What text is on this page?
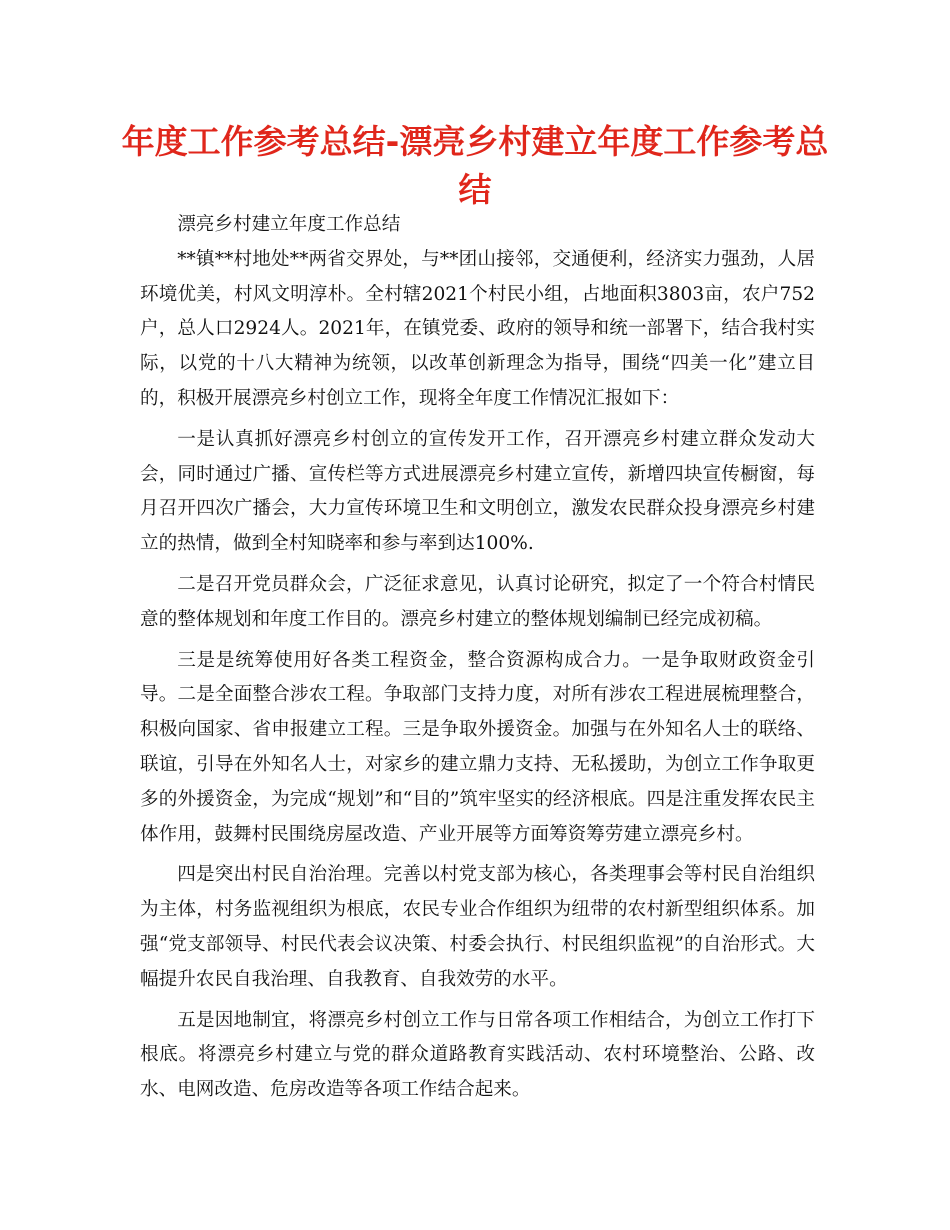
年度工作参考总结-漂亮乡村建立年度工作参考总结

漂亮乡村建立年度工作总结

**镇**村地处**两省交界处，与**团山接邻，交通便利，经济实力强劲，人居环境优美，村风文明淳朴。全村辖2021个村民小组，占地面积3803亩，农户752户，总人口2924人。2021年，在镇党委、政府的领导和统一部署下，结合我村实际，以党的十八大精神为统领，以改革创新理念为指导，围绕“四美一化”建立目的，积极开展漂亮乡村创立工作，现将全年度工作情况汇报如下：

一是认真抓好漂亮乡村创立的宣传发开工作，召开漂亮乡村建立群众发动大会，同时通过广播、宣传栏等方式进展漂亮乡村建立宣传，新增四块宣传橱窗，每月召开四次广播会，大力宣传环境卫生和文明创立，激发农民群众投身漂亮乡村建立的热情，做到全村知晓率和参与率到达100%.

二是召开党员群众会，广泛征求意见，认真讨论研究，拟定了一个符合村情民意的整体规划和年度工作目的。漂亮乡村建立的整体规划编制已经完成初稿。

三是是统筹使用好各类工程资金，整合资源构成合力。一是争取财政资金引导。二是全面整合涉农工程。争取部门支持力度，对所有涉农工程进展梳理整合，积极向国家、省申报建立工程。三是争取外援资金。加强与在外知名人士的联络、联谊，引导在外知名人士，对家乡的建立鼎力支持、无私援助，为创立工作争取更多的外援资金，为完成“规划”和“目的”筑牢坚实的经济根底。四是注重发挥农民主体作用，鼓舞村民围绕房屋改造、产业开展等方面筹资筹劳建立漂亮乡村。

四是突出村民自治治理。完善以村党支部为核心，各类理事会等村民自治组织为主体，村务监视组织为根底，农民专业合作组织为纽带的农村新型组织体系。加强“党支部领导、村民代表会议决策、村委会执行、村民组织监视”的自治形式。大幅提升农民自我治理、自我教育、自我效劳的水平。

五是因地制宜，将漂亮乡村创立工作与日常各项工作相结合，为创立工作打下根底。将漂亮乡村建立与党的群众道路教育实践活动、农村环境整治、公路、改水、电网改造、危房改造等各项工作结合起来。
